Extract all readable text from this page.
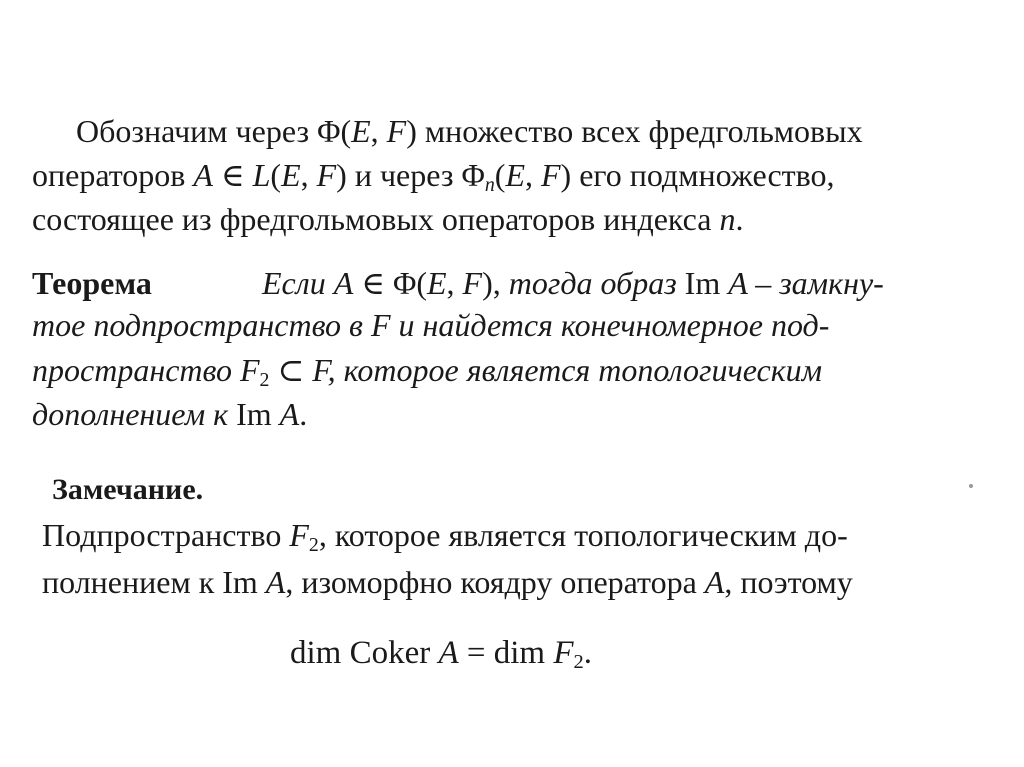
Обозначим через Φ(E, F) множество всех фредгольмовых
операторов A ∈ L(E, F) и через $\Phi_n(E$, F) его подмножество,
состоящее из фредгольмовых операторов индекса n.
Теорема	Если A ∈ Φ(E, F), тогда образ Im A – замкну-
тое подпространство в F и найдется конечномерное под-
пространство $F_2$ ⊂ F, которое является топологическим
дополнением к Im A.
Замечание.
Подпространство $F_2$, которое является топологическим до-
полнением к Im A, изоморфно коядру оператора A, поэтому
dim Coker A = dim $F_2$.
